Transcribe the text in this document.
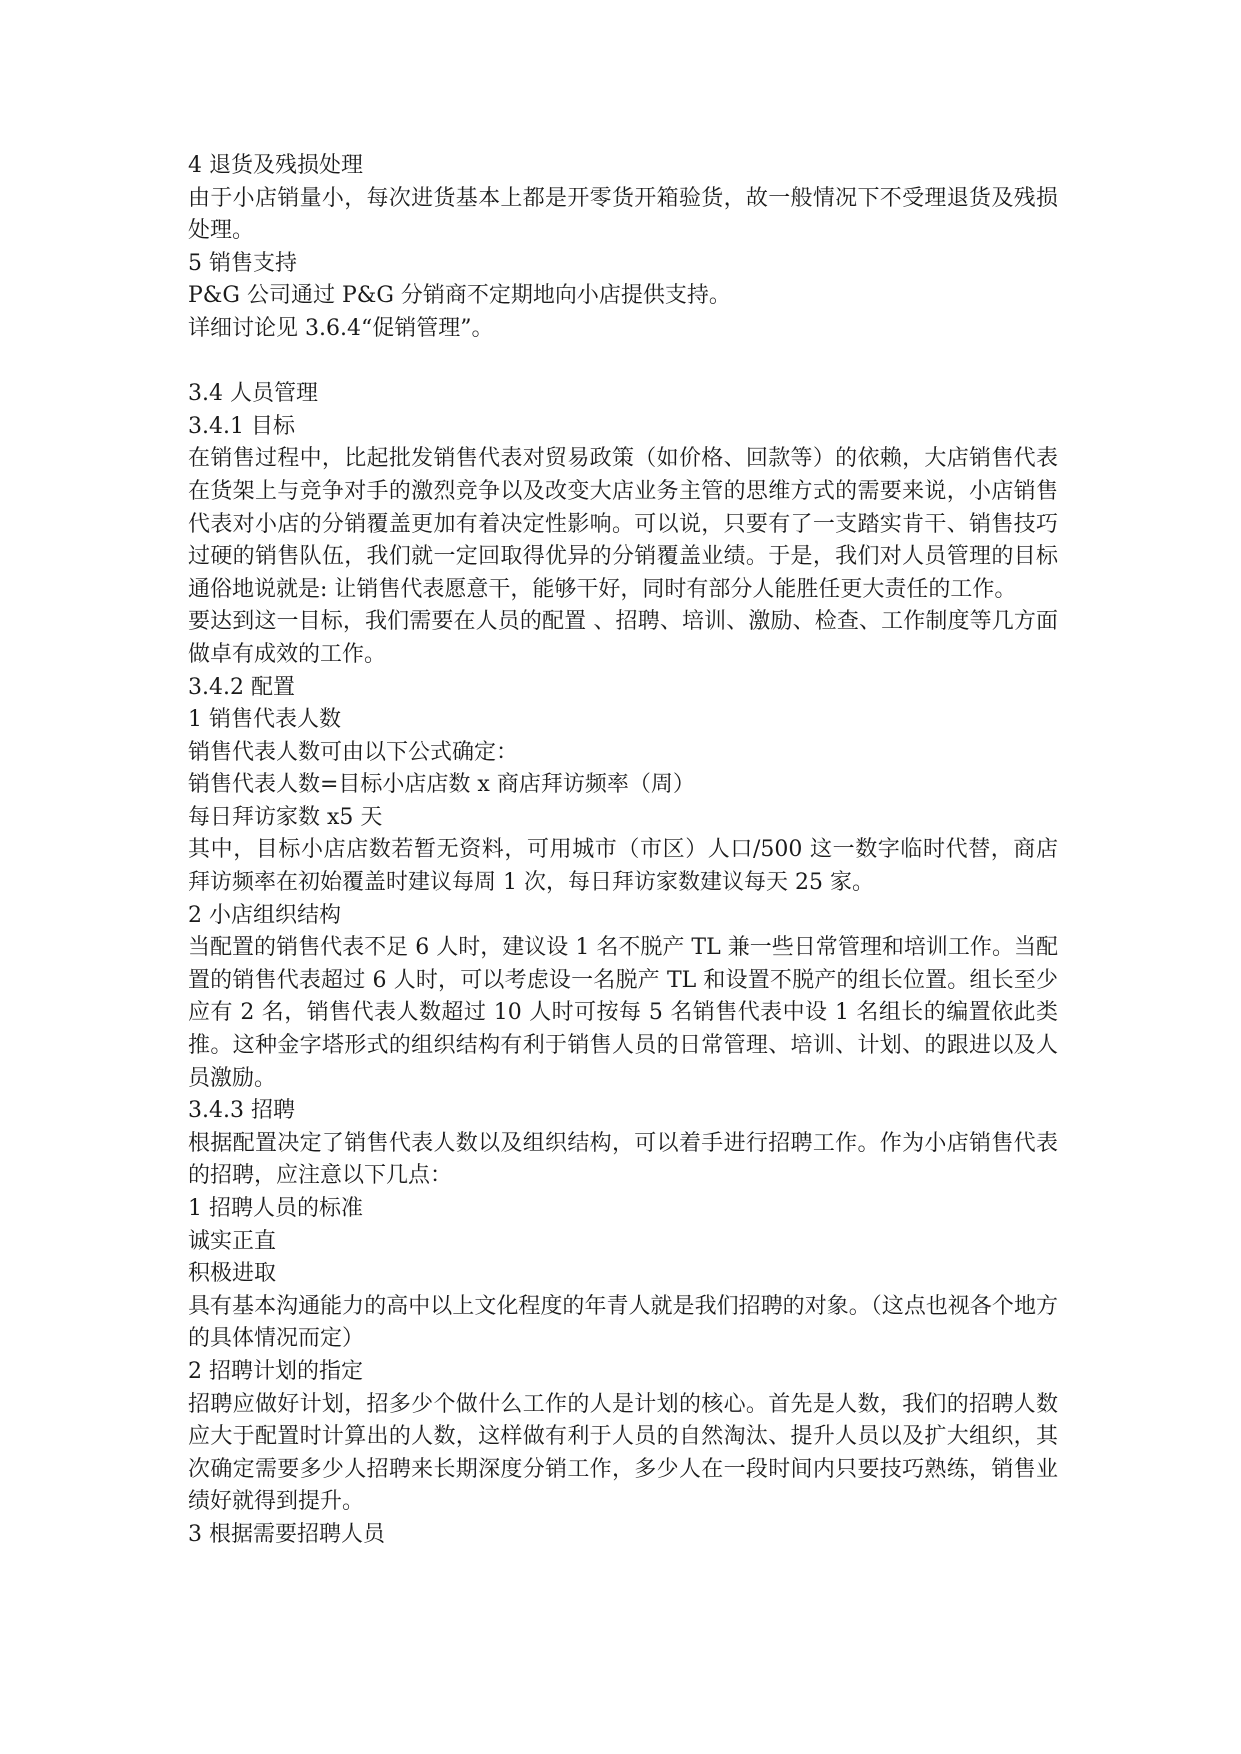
4 退货及残损处理
由于小店销量小，每次进货基本上都是开零货开箱验货，故一般情况下不受理退货及残损处理。
5 销售支持
P&G 公司通过 P&G 分销商不定期地向小店提供支持。
详细讨论见 3.6.4“促销管理”。
3.4 人员管理
3.4.1 目标
在销售过程中，比起批发销售代表对贸易政策（如价格、回款等）的依赖，大店销售代表在货架上与竞争对手的激烈竞争以及改变大店业务主管的思维方式的需要来说，小店销售代表对小店的分销覆盖更加有着决定性影响。可以说，只要有了一支踏实肯干、销售技巧过硬的销售队伍，我们就一定回取得优异的分销覆盖业绩。于是，我们对人员管理的目标通俗地说就是: 让销售代表愿意干，能够干好，同时有部分人能胜任更大责任的工作。
要达到这一目标，我们需要在人员的配置 、招聘、培训、激励、检查、工作制度等几方面做卓有成效的工作。
3.4.2 配置
1 销售代表人数
销售代表人数可由以下公式确定：
销售代表人数=目标小店店数 x 商店拜访频率（周）
每日拜访家数 x5 天
其中，目标小店店数若暂无资料，可用城市（市区）人口/500 这一数字临时代替，商店拜访频率在初始覆盖时建议每周 1 次，每日拜访家数建议每天 25 家。
2 小店组织结构
当配置的销售代表不足 6 人时，建议设 1 名不脱产 TL 兼一些日常管理和培训工作。当配置的销售代表超过 6 人时，可以考虑设一名脱产 TL 和设置不脱产的组长位置。组长至少应有 2 名，销售代表人数超过 10 人时可按每 5 名销售代表中设 1 名组长的编置依此类推。这种金字塔形式的组织结构有利于销售人员的日常管理、培训、计划、的跟进以及人员激励。
3.4.3 招聘
根据配置决定了销售代表人数以及组织结构，可以着手进行招聘工作。作为小店销售代表的招聘，应注意以下几点：
1 招聘人员的标准
诚实正直
积极进取
具有基本沟通能力的高中以上文化程度的年青人就是我们招聘的对象。（这点也视各个地方的具体情况而定）
2 招聘计划的指定
招聘应做好计划，招多少个做什么工作的人是计划的核心。首先是人数，我们的招聘人数应大于配置时计算出的人数，这样做有利于人员的自然淘汰、提升人员以及扩大组织，其次确定需要多少人招聘来长期深度分销工作，多少人在一段时间内只要技巧熟练，销售业绩好就得到提升。
3 根据需要招聘人员
